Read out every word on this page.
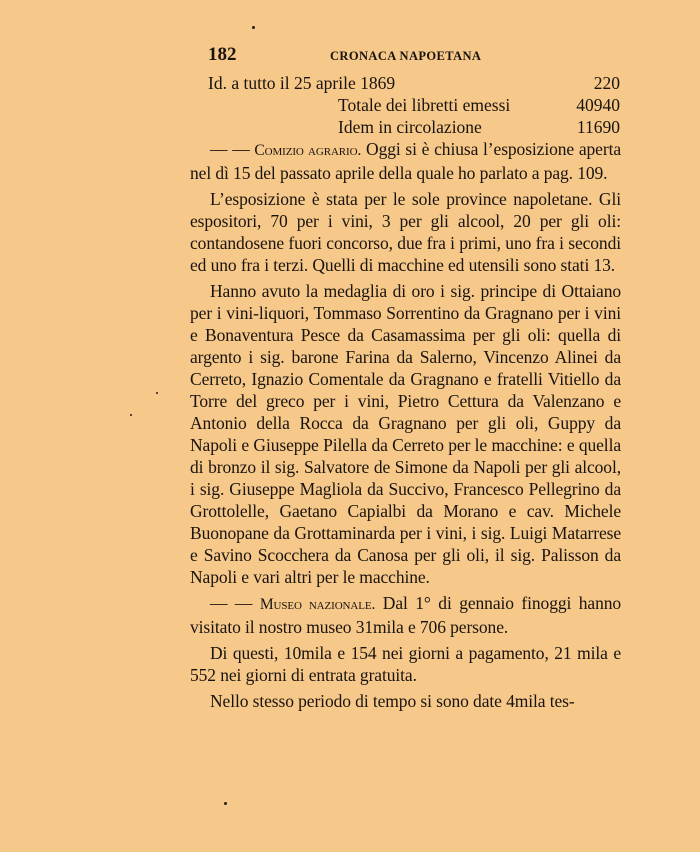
182	CRONACA NAPOETANA
Id. a tutto il 25 aprile 1869	220
Totale dei libretti emessi	40940
Idem in circolazione	11690

— — Comizio agrario. Oggi si è chiusa l’esposizione aperta nel dì 15 del passato aprile della quale ho parlato a pag. 109.

L’esposizione è stata per le sole province napoletane. Gli espositori, 70 per i vini, 3 per gli alcool, 20 per gli oli: contandosene fuori concorso, due fra i primi, uno fra i secondi ed uno fra i terzi. Quelli di macchine ed utensili sono stati 13.

Hanno avuto la medaglia di oro i sig. principe di Ottaiano per i vini-liquori, Tommaso Sorrentino da Gragnano per i vini e Bonaventura Pesce da Casamassima per gli oli: quella di argento i sig. barone Farina da Salerno, Vincenzo Alinei da Cerreto, Ignazio Comentale da Gragnano e fratelli Vitiello da Torre del greco per i vini, Pietro Cettura da Valenzano e Antonio della Rocca da Gragnano per gli oli, Guppy da Napoli e Giuseppe Pilella da Cerreto per le macchine: e quella di bronzo il sig. Salvatore de Simone da Napoli per gli alcool, i sig. Giuseppe Magliola da Succivo, Francesco Pellegrino da Grottolelle, Gaetano Capialbi da Morano e cav. Michele Buonopane da Grottaminarda per i vini, i sig. Luigi Matarrese e Savino Scocchera da Canosa per gli oli, il sig. Palisson da Napoli e vari altri per le macchine.

— — Museo nazionale. Dal 1° di gennaio finoggi hanno visitato il nostro museo 31mila e 706 persone.

Di questi, 10mila e 154 nei giorni a pagamento, 21 mila e 552 nei giorni di entrata gratuita.

Nello stesso periodo di tempo si sono date 4mila tes-
